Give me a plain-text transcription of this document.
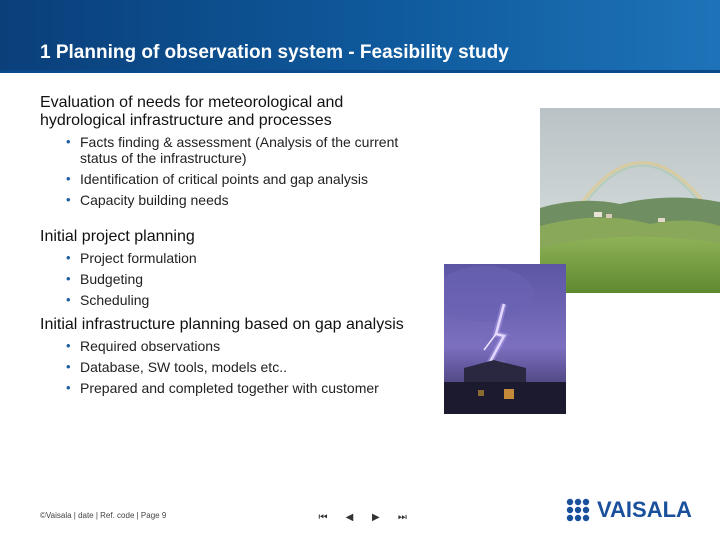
1 Planning of observation system - Feasibility study

Evaluation of needs for meteorological and hydrological infrastructure and processes

• Facts finding & assessment (Analysis of the current status of the infrastructure)
• Identification of critical points and gap analysis
• Capacity building needs

Initial project planning

• Project formulation
• Budgeting
• Scheduling

Initial infrastructure planning based on gap analysis

• Required observations
• Database, SW tools, models etc..
• Prepared and completed together with customer
©Vaisala | date | Ref. code | Page 9	⏮ ◀ ▶ ⏭	VAISALA
